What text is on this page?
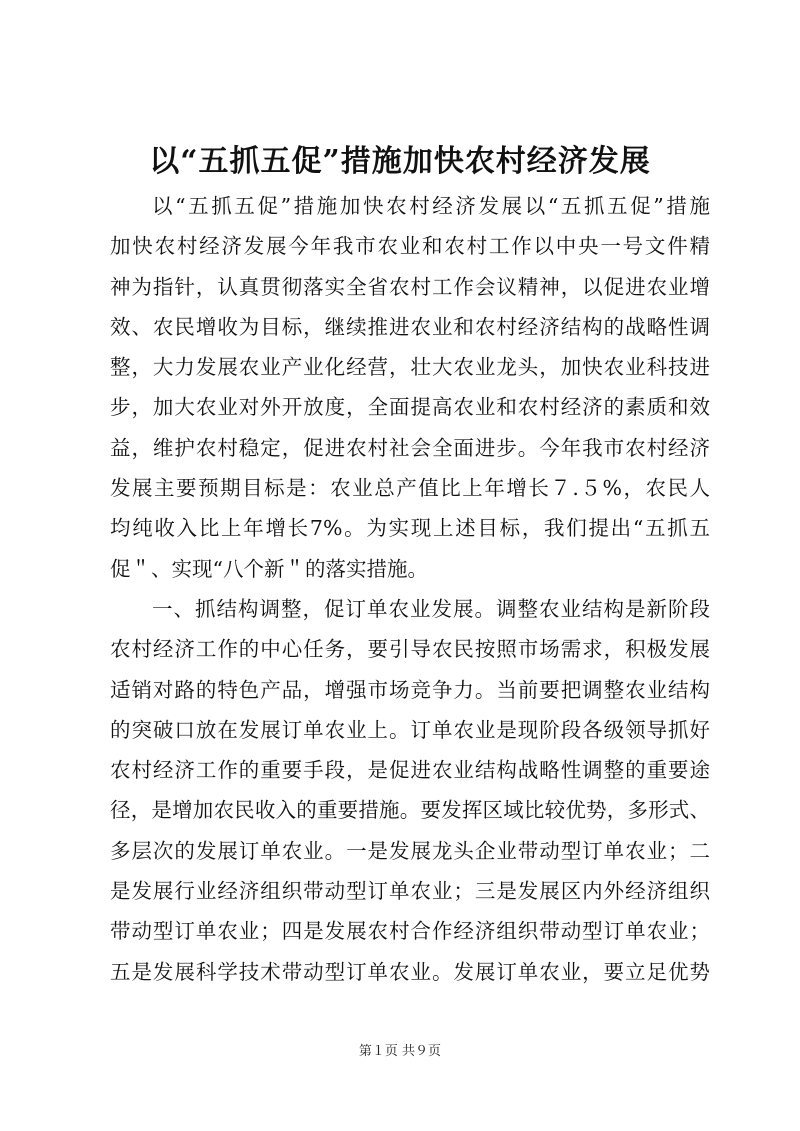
以“五抓五促”措施加快农村经济发展
以“五抓五促”措施加快农村经济发展以“五抓五促”措施
加快农村经济发展今年我市农业和农村工作以中央一号文件精
神为指针，认真贯彻落实全省农村工作会议精神，以促进农业增
效、农民增收为目标，继续推进农业和农村经济结构的战略性调
整，大力发展农业产业化经营，壮大农业龙头，加快农业科技进
步，加大农业对外开放度，全面提高农业和农村经济的素质和效
益，维护农村稳定，促进农村社会全面进步。今年我市农村经济
发展主要预期目标是：农业总产值比上年增长７.５%，农民人
均纯收入比上年增长7%。为实现上述目标，我们提出“五抓五
促＂、实现“八个新＂的落实措施。
一、抓结构调整，促订单农业发展。调整农业结构是新阶段
农村经济工作的中心任务，要引导农民按照市场需求，积极发展
适销对路的特色产品，增强市场竞争力。当前要把调整农业结构
的突破口放在发展订单农业上。订单农业是现阶段各级领导抓好
农村经济工作的重要手段，是促进农业结构战略性调整的重要途
径，是增加农民收入的重要措施。要发挥区域比较优势，多形式、
多层次的发展订单农业。一是发展龙头企业带动型订单农业；二
是发展行业经济组织带动型订单农业；三是发展区内外经济组织
带动型订单农业；四是发展农村合作经济组织带动型订单农业；
五是发展科学技术带动型订单农业。发展订单农业，要立足优势
第１页 共９页
